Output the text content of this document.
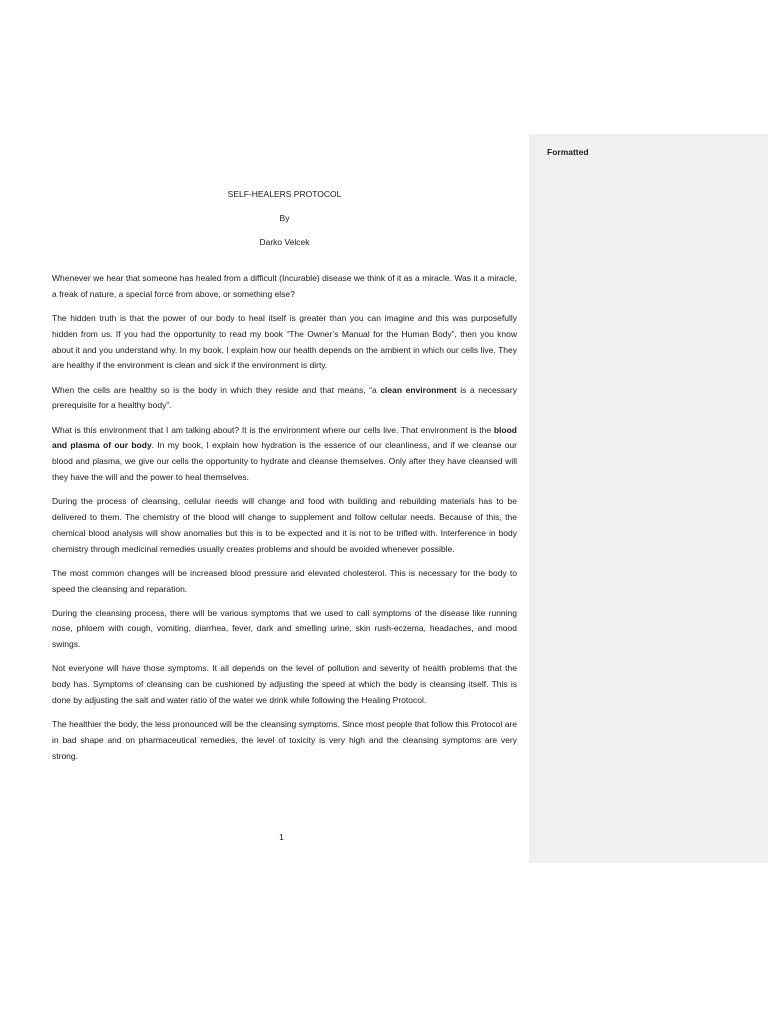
Formatted
SELF-HEALERS PROTOCOL
By
Darko Velcek

Whenever we hear that someone has healed from a difficult (Incurable) disease we think of it as a miracle. Was it a miracle, a freak of nature, a special force from above, or something else?

The hidden truth is that the power of our body to heal itself is greater than you can imagine and this was purposefully hidden from us. If you had the opportunity to read my book “The Owner’s Manual for the Human Body”, then you know about it and you understand why. In my book, I explain how our health depends on the ambient in which our cells live. They are healthy if the environment is clean and sick if the environment is dirty.

When the cells are healthy so is the body in which they reside and that means, “a clean environment is a necessary prerequisite for a healthy body”.

What is this environment that I am talking about? It is the environment where our cells live. That environment is the blood and plasma of our body. In my book, I explain how hydration is the essence of our cleanliness, and if we cleanse our blood and plasma, we give our cells the opportunity to hydrate and cleanse themselves. Only after they have cleansed will they have the will and the power to heal themselves.

During the process of cleansing, cellular needs will change and food with building and rebuilding materials has to be delivered to them. The chemistry of the blood will change to supplement and follow cellular needs. Because of this, the chemical blood analysis will show anomalies but this is to be expected and it is not to be trifled with. Interference in body chemistry through medicinal remedies usually creates problems and should be avoided whenever possible.

The most common changes will be increased blood pressure and elevated cholesterol. This is necessary for the body to speed the cleansing and reparation.

During the cleansing process, there will be various symptoms that we used to call symptoms of the disease like running nose, phloem with cough, vomiting, diarrhea, fever, dark and smelling urine, skin rush-eczema, headaches, and mood swings.

Not everyone will have those symptoms. It all depends on the level of pollution and severity of health problems that the body has. Symptoms of cleansing can be cushioned by adjusting the speed at which the body is cleansing itself. This is done by adjusting the salt and water ratio of the water we drink while following the Healing Protocol.

The healthier the body, the less pronounced will be the cleansing symptoms. Since most people that follow this Protocol are in bad shape and on pharmaceutical remedies, the level of toxicity is very high and the cleansing symptoms are very strong.

1
